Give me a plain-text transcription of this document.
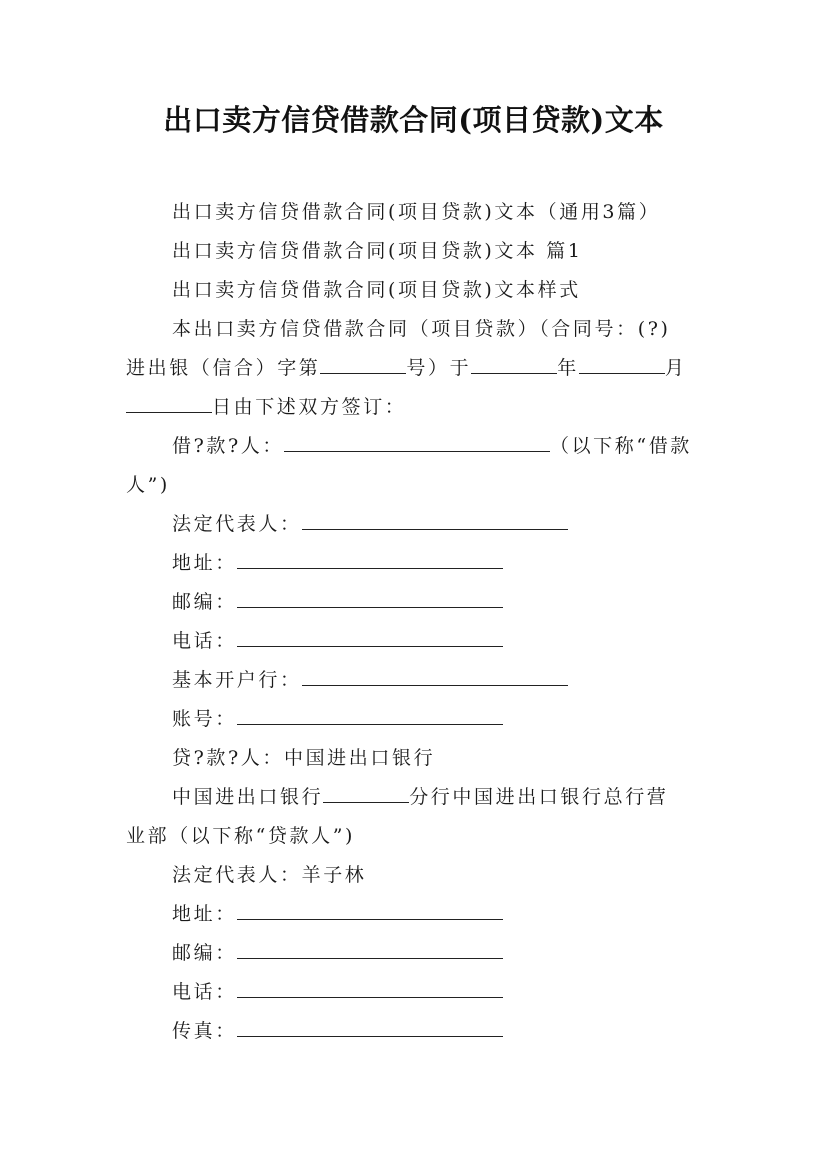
出口卖方信贷借款合同(项目贷款)文本
出口卖方信贷借款合同(项目贷款)文本（通用3篇）
出口卖方信贷借款合同(项目贷款)文本 篇1
出口卖方信贷借款合同(项目贷款)文本样式
本出口卖方信贷借款合同（项目贷款）（合同号：(?)
进出银（信合）字第	号）于	年	月
日由下述双方签订：
借?款?人：	（以下称“借款
人”)
法定代表人：
地址：
邮编：
电话：
基本开户行：
账号：
贷?款?人：中国进出口银行
中国进出口银行	分行中国进出口银行总行营
业部（以下称“贷款人”)
法定代表人：羊子林
地址：
邮编：
电话：
传真：
